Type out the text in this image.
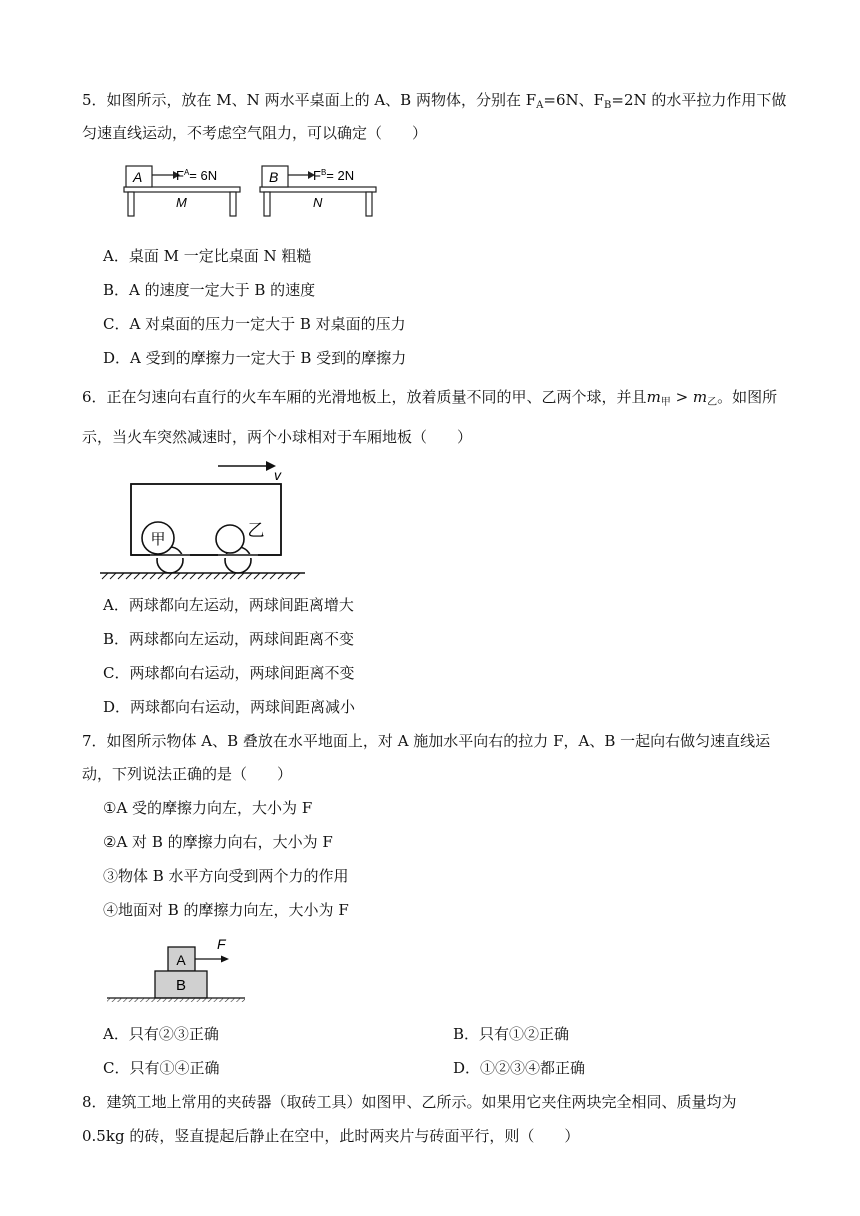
5．如图所示，放在 M、N 两水平桌面上的 A、B 两物体，分别在 $F_A=6N$、$F_B=2N$ 的水平拉力作用下做
匀速直线运动，不考虑空气阻力，可以确定（　　）
A	$F^A= 6N$
M
B	$F^B= 2N$
N
A．桌面 M 一定比桌面 N 粗糙
B．A 的速度一定大于 B 的速度
C．A 对桌面的压力一定大于 B 对桌面的压力
D．A 受到的摩擦力一定大于 B 受到的摩擦力
6．正在匀速向右直行的火车车厢的光滑地板上，放着质量不同的甲、乙两个球，并且$m_甲 > m_乙$。如图所
示，当火车突然减速时，两个小球相对于车厢地板（　　）
v
甲	乙
A．两球都向左运动，两球间距离增大
B．两球都向左运动，两球间距离不变
C．两球都向右运动，两球间距离不变
D．两球都向右运动，两球间距离减小
7．如图所示物体 A、B 叠放在水平地面上，对 A 施加水平向右的拉力 F，A、B 一起向右做匀速直线运
动，下列说法正确的是（　　）
①A 受的摩擦力向左，大小为 F
②A 对 B 的摩擦力向右，大小为 F
③物体 B 水平方向受到两个力的作用
④地面对 B 的摩擦力向左，大小为 F
A
B
F
A．只有②③正确	B．只有①②正确
C．只有①④正确	D．①②③④都正确
8．建筑工地上常用的夹砖器（取砖工具）如图甲、乙所示。如果用它夹住两块完全相同、质量均为
0.5kg 的砖，竖直提起后静止在空中，此时两夹片与砖面平行，则（　　）
